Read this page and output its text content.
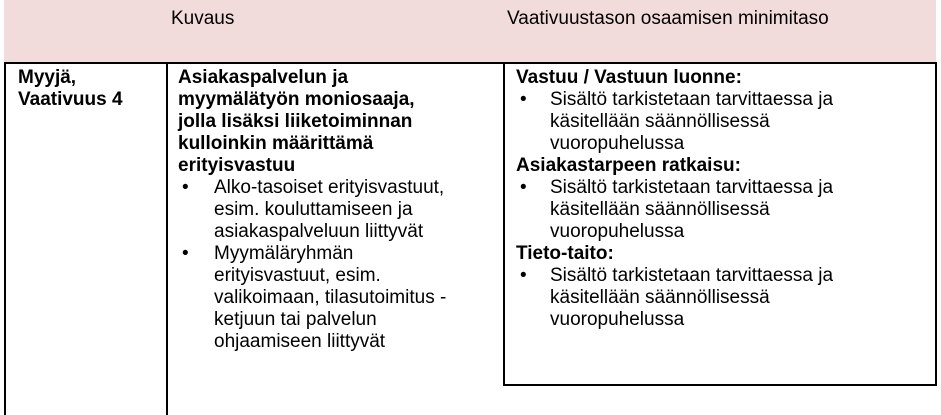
Kuvaus	Vaativuustason osaamisen minimitaso
Myyjä,
Vaativuus 4
Asiakaspalvelun ja
myymälätyön moniosaaja,
jolla lisäksi liiketoiminnan
kulloinkin määrittämä
erityisvastuu
• Alko-tasoiset erityisvastuut,
esim. kouluttamiseen ja
asiakaspalveluun liittyvät
• Myymäläryhmän
erityisvastuut, esim.
valikoimaan, tilasutoimitus -
ketjuun tai palvelun
ohjaamiseen liittyvät
Vastuu / Vastuun luonne:
• Sisältö tarkistetaan tarvittaessa ja
käsitellään säännöllisessä
vuoropuhelussa
Asiakastarpeen ratkaisu:
• Sisältö tarkistetaan tarvittaessa ja
käsitellään säännöllisessä
vuoropuhelussa
Tieto-taito:
• Sisältö tarkistetaan tarvittaessa ja
käsitellään säännöllisessä
vuoropuhelussa
